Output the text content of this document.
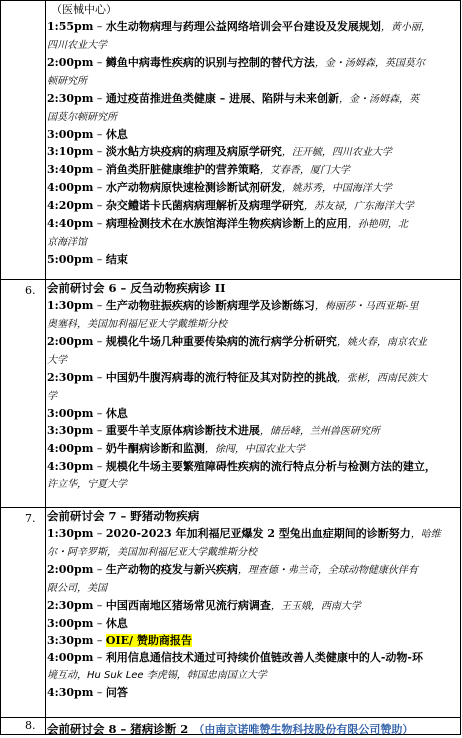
（医械中心）
1:55pm – 水生动物病理与药理公益网络培训会平台建设及发展规划，黄小丽，
四川农业大学
2:00pm – 鳟鱼中病毒性疾病的识别与控制的替代方法，金・汤姆森，英国莫尔
顿研究所
2:30pm – 通过疫苗推进鱼类健康 – 进展、陷阱与未来创新，金・汤姆森，英
国莫尔顿研究所
3:00pm – 休息
3:10pm – 淡水鲇方块疫病的病理及病原学研究，汪开毓，四川农业大学
3:40pm – 消鱼类肝脏健康维护的营养策略，艾春香，厦门大学
4:00pm – 水产动物病原快速检测诊断试剂研发，姚苏秀，中国海洋大学
4:20pm – 杂交鳢诺卡氏菌病病理解析及病理学研究，苏友禄，广东海洋大学
4:40pm – 病理检测技术在水族馆海洋生物疾病诊断上的应用，孙艳明，北
京海洋馆
5:00pm – 结束
6. 会前研讨会 6 – 反刍动物疾病诊 II
1:30pm – 生产动物驻振疾病的诊断病理学及诊断练习，梅丽莎・马西亚斯-里
奥塞科，美国加利福尼亚大学戴维斯分校
2:00pm – 规模化牛场几种重要传染病的流行病学分析研究，姚火春，南京农业
大学
2:30pm – 中国奶牛腹泻病毒的流行特征及其对防控的挑战，张彬，西南民族大
学
3:00pm – 休息
3:30pm – 重要牛羊支原体病诊断技术进展，储岳峰，兰州兽医研究所
4:00pm – 奶牛酮病诊断和监测，徐闯，中国农业大学
4:30pm – 规模化牛场主要繁殖障碍性疾病的流行特点分析与检测方法的建立，
许立华，宁夏大学
7. 会前研讨会 7 – 野猪动物疾病
1:30pm – 2020-2023 年加利福尼亚爆发 2 型兔出血症期间的诊断努力，哈维
尔・阿辛罗斯，美国加利福尼亚大学戴维斯分校
2:00pm – 生产动物的疫发与新兴疾病，理查德・弗兰奇，全球动物健康伙伴有
限公司，美国
2:30pm – 中国西南地区猪场常见流行病调查，王玉娥，西南大学
3:00pm – 休息
3:30pm – OIE/ 赞助商报告
4:00pm – 利用信息通信技术通过可持续价值链改善人类健康中的人-动物-环
境互动，Hu Suk Lee 李虎锡，韩国忠南国立大学
4:30pm – 问答
8. 会前研讨会 8 – 猪病诊断 2 （由南京诺唯赞生物科技股份有限公司赞助）
